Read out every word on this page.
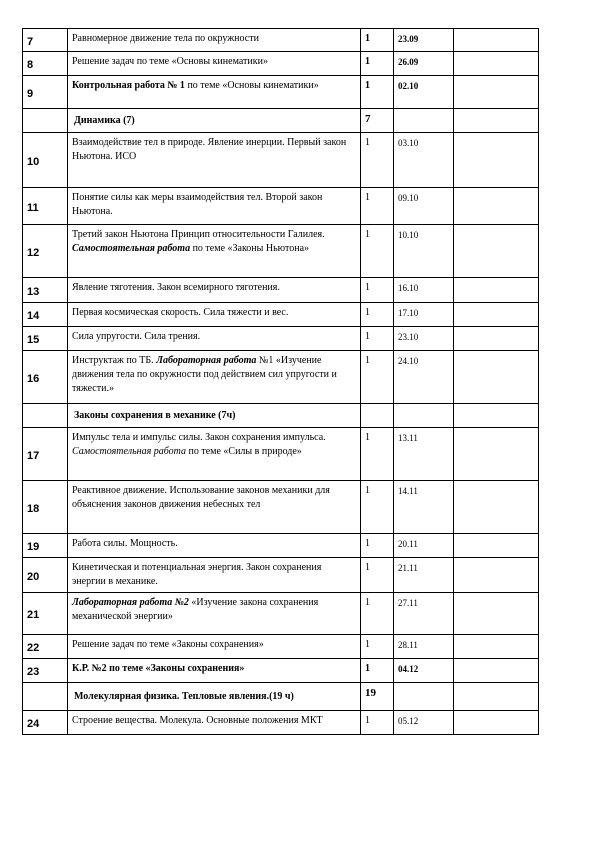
7	Равномерное движение тела по окружности	1	23.09	
8	Решение задач по теме «Основы кинематики»	1	26.09	
9	Контрольная работа № 1 по теме «Основы кинематики»	1	02.10	
	Динамика (7)	7		
10	Взаимодействие тел в природе. Явление инерции. Первый закон Ньютона. ИСО	1	03.10	
11	Понятие силы как меры взаимодействия тел. Второй закон Ньютона.	1	09.10	
12	Третий закон Ньютона Принцип относительности Галилея. Самостоятельная работа по теме «Законы Ньютона»	1	10.10	
13	Явление тяготения. Закон всемирного тяготения.	1	16.10	
14	Первая космическая скорость. Сила тяжести и вес.	1	17.10	
15	Сила упругости. Сила трения.	1	23.10	
16	Инструктаж по ТБ. Лабораторная работа №1 «Изучение движения тела по окружности под действием сил упругости и тяжести.»	1	24.10	
	Законы сохранения в механике (7ч)			
17	Импульс тела и импульс силы. Закон сохранения импульса. Самостоятельная работа по теме «Силы в природе»	1	13.11	
18	Реактивное движение. Использование законов механики для объяснения законов движения небесных тел	1	14.11	
19	Работа силы. Мощность.	1	20.11	
20	Кинетическая и потенциальная энергия. Закон сохранения энергии в механике.	1	21.11	
21	Лабораторная работа №2 «Изучение закона сохранения механической энергии»	1	27.11	
22	Решение задач по теме «Законы сохранения»	1	28.11	
23	К.Р. №2 по теме «Законы сохранения»	1	04.12	
	Молекулярная физика. Тепловые явления.(19 ч)	19		
24	Строение вещества. Молекула. Основные положения МКТ	1	05.12	
